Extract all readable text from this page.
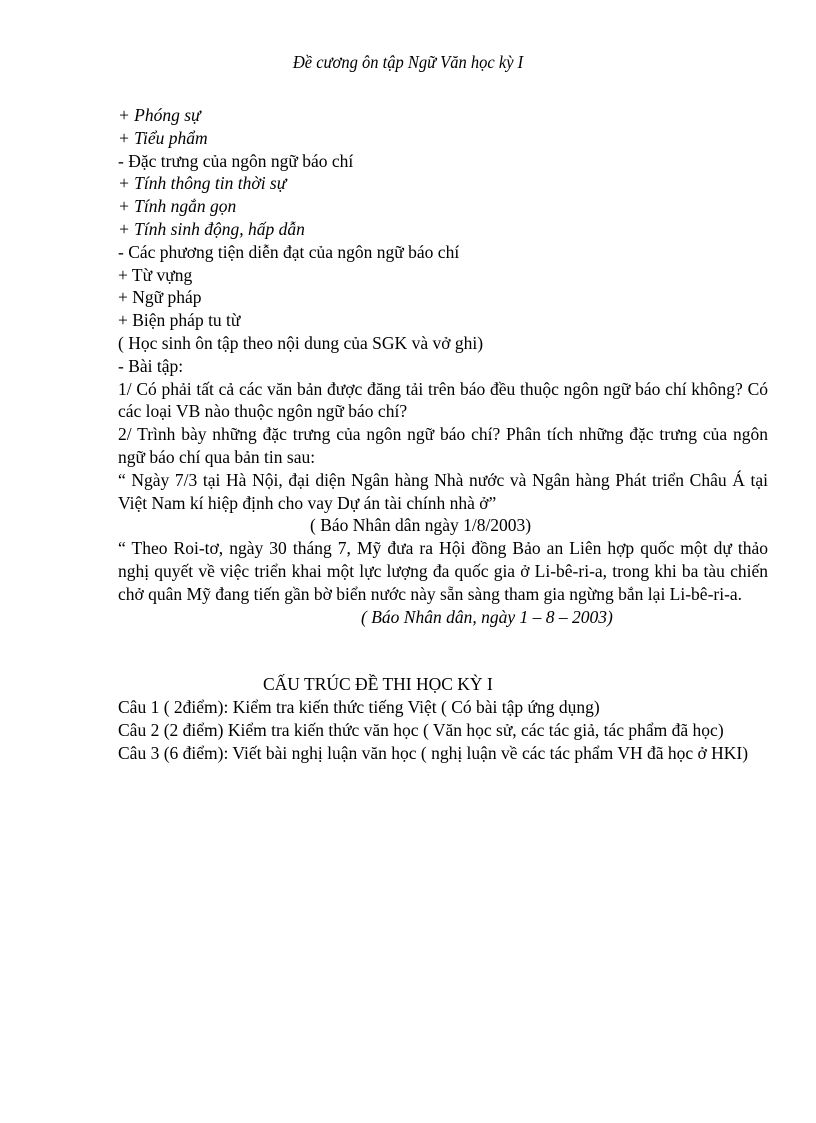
Đề cương ôn tập Ngữ Văn học kỳ I

+ Phóng sự

+ Tiểu phẩm

- Đặc trưng của ngôn ngữ báo chí

+ Tính thông tin thời sự

+ Tính ngắn gọn

+ Tính sinh động, hấp dẫn

- Các phương tiện diễn đạt của ngôn ngữ báo chí

+ Từ vựng

+ Ngữ pháp

+ Biện pháp tu từ

( Học sinh ôn tập theo nội dung của SGK và vở ghi)

- Bài tập:

1/ Có phải tất cả các văn bản được đăng tải trên báo đều thuộc ngôn ngữ báo chí không? Có các loại VB nào thuộc ngôn ngữ báo chí?

2/ Trình bày những đặc trưng của ngôn ngữ báo chí? Phân tích những đặc trưng của ngôn ngữ báo chí qua bản tin sau:

“ Ngày 7/3 tại Hà Nội, đại diện Ngân hàng Nhà nước và Ngân hàng Phát triển Châu Á tại Việt Nam kí hiệp định cho vay Dự án tài chính nhà ở”

( Báo Nhân dân ngày 1/8/2003)

“ Theo Roi-tơ, ngày 30 tháng 7, Mỹ đưa ra Hội đồng Bảo an Liên hợp quốc một dự thảo nghị quyết về việc triển khai một lực lượng đa quốc gia ở Li-bê-ri-a, trong khi ba tàu chiến chở quân Mỹ đang tiến gần bờ biển nước này sẵn sàng tham gia ngừng bắn lại Li-bê-ri-a.

( Báo Nhân dân, ngày 1 – 8 – 2003)

CẤU TRÚC ĐỀ THI HỌC KỲ I

Câu 1 ( 2điểm): Kiểm tra kiến thức tiếng Việt ( Có bài tập ứng dụng)

Câu 2 (2 điểm) Kiểm tra kiến thức văn học ( Văn học sử, các tác giả, tác phẩm đã học)

Câu 3 (6 điểm): Viết bài nghị luận văn học ( nghị luận về các tác phẩm VH đã học ở HKI)
